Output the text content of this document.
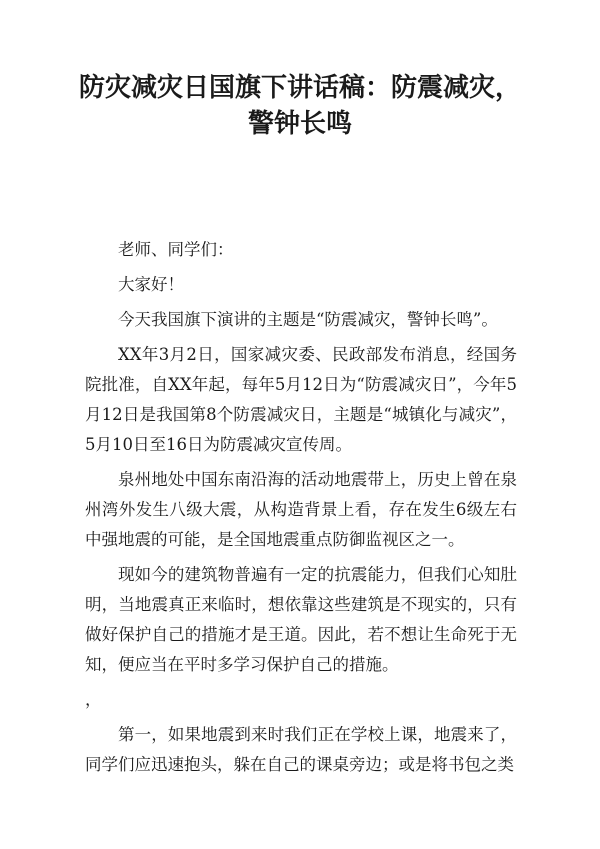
防灾减灾日国旗下讲话稿：防震减灾，
警钟长鸣

老师、同学们：

大家好！

今天我国旗下演讲的主题是“防震减灾，警钟长鸣”。

XX年3月2日，国家减灾委、民政部发布消息，经国务院批准，自XX年起，每年5月12日为“防震减灾日”，今年5月12日是我国第8个防震减灾日，主题是“城镇化与减灾”，5月10日至16日为防震减灾宣传周。

泉州地处中国东南沿海的活动地震带上，历史上曾在泉州湾外发生八级大震，从构造背景上看，存在发生6级左右中强地震的可能，是全国地震重点防御监视区之一。

现如今的建筑物普遍有一定的抗震能力，但我们心知肚明，当地震真正来临时，想依靠这些建筑是不现实的，只有做好保护自己的措施才是王道。因此，若不想让生命死于无知，便应当在平时多学习保护自己的措施。

，

第一，如果地震到来时我们正在学校上课，地震来了，同学们应迅速抱头，躲在自己的课桌旁边；或是将书包之类
